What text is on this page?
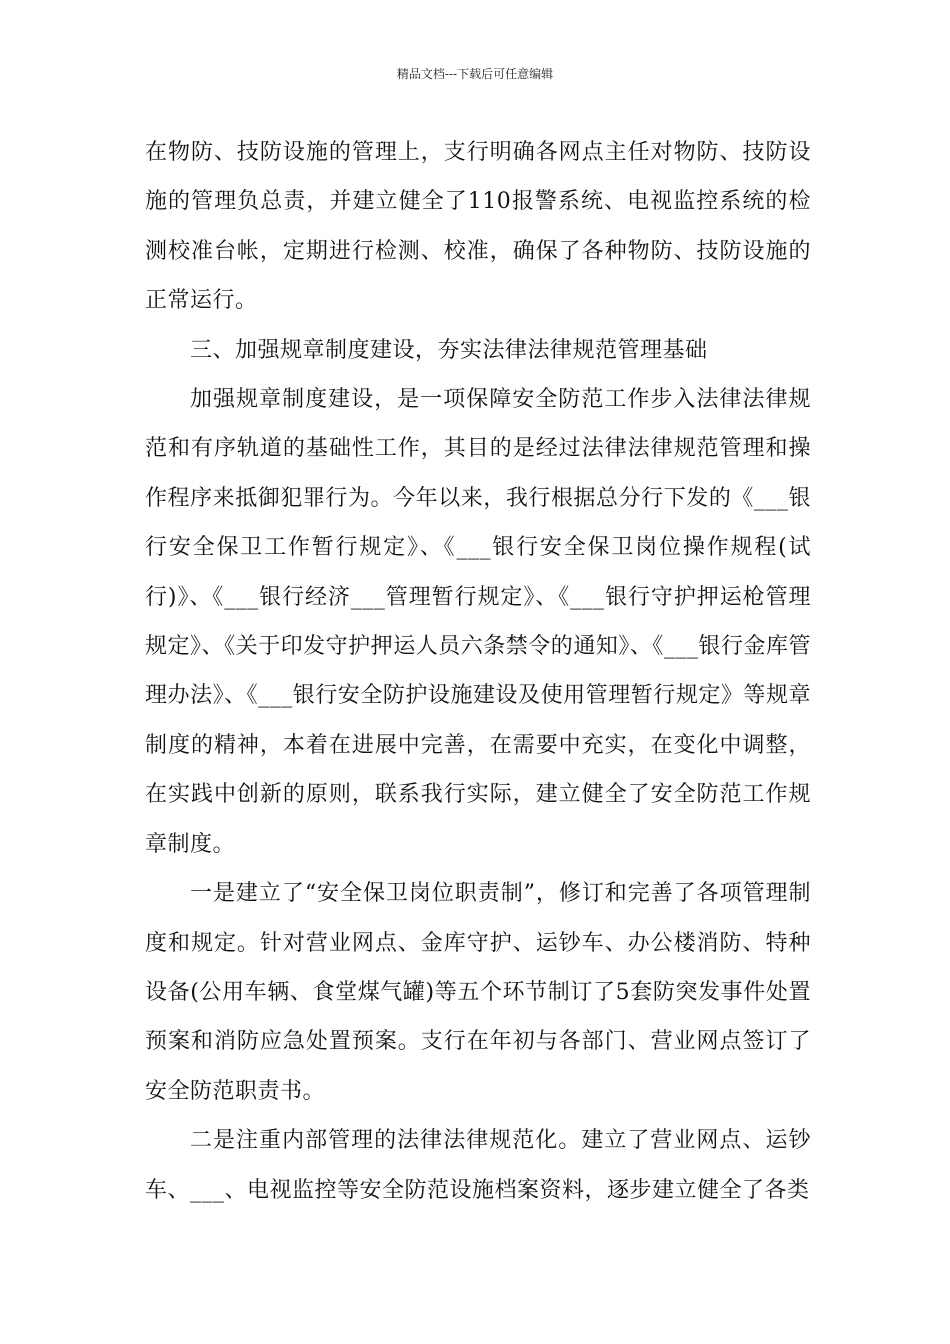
精品文档---下载后可任意编辑

在物防、技防设施的管理上，支行明确各网点主任对物防、技防设施的管理负总责，并建立健全了110报警系统、电视监控系统的检测校准台帐，定期进行检测、校准，确保了各种物防、技防设施的正常运行。

三、加强规章制度建设，夯实法律法律规范管理基础

加强规章制度建设，是一项保障安全防范工作步入法律法律规范和有序轨道的基础性工作，其目的是经过法律法律规范管理和操作程序来抵御犯罪行为。今年以来，我行根据总分行下发的《___银行安全保卫工作暂行规定》、《___银行安全保卫岗位操作规程(试行)》、《___银行经济___管理暂行规定》、《___银行守护押运枪管理规定》、《关于印发守护押运人员六条禁令的通知》、《___银行金库管理办法》、《___银行安全防护设施建设及使用管理暂行规定》等规章制度的精神，本着在进展中完善，在需要中充实，在变化中调整，在实践中创新的原则，联系我行实际，建立健全了安全防范工作规章制度。

一是建立了“安全保卫岗位职责制”，修订和完善了各项管理制度和规定。针对营业网点、金库守护、运钞车、办公楼消防、特种设备(公用车辆、食堂煤气罐)等五个环节制订了5套防突发事件处置预案和消防应急处置预案。支行在年初与各部门、营业网点签订了安全防范职责书。

二是注重内部管理的法律法律规范化。建立了营业网点、运钞车、___、电视监控等安全防范设施档案资料，逐步建立健全了各类
